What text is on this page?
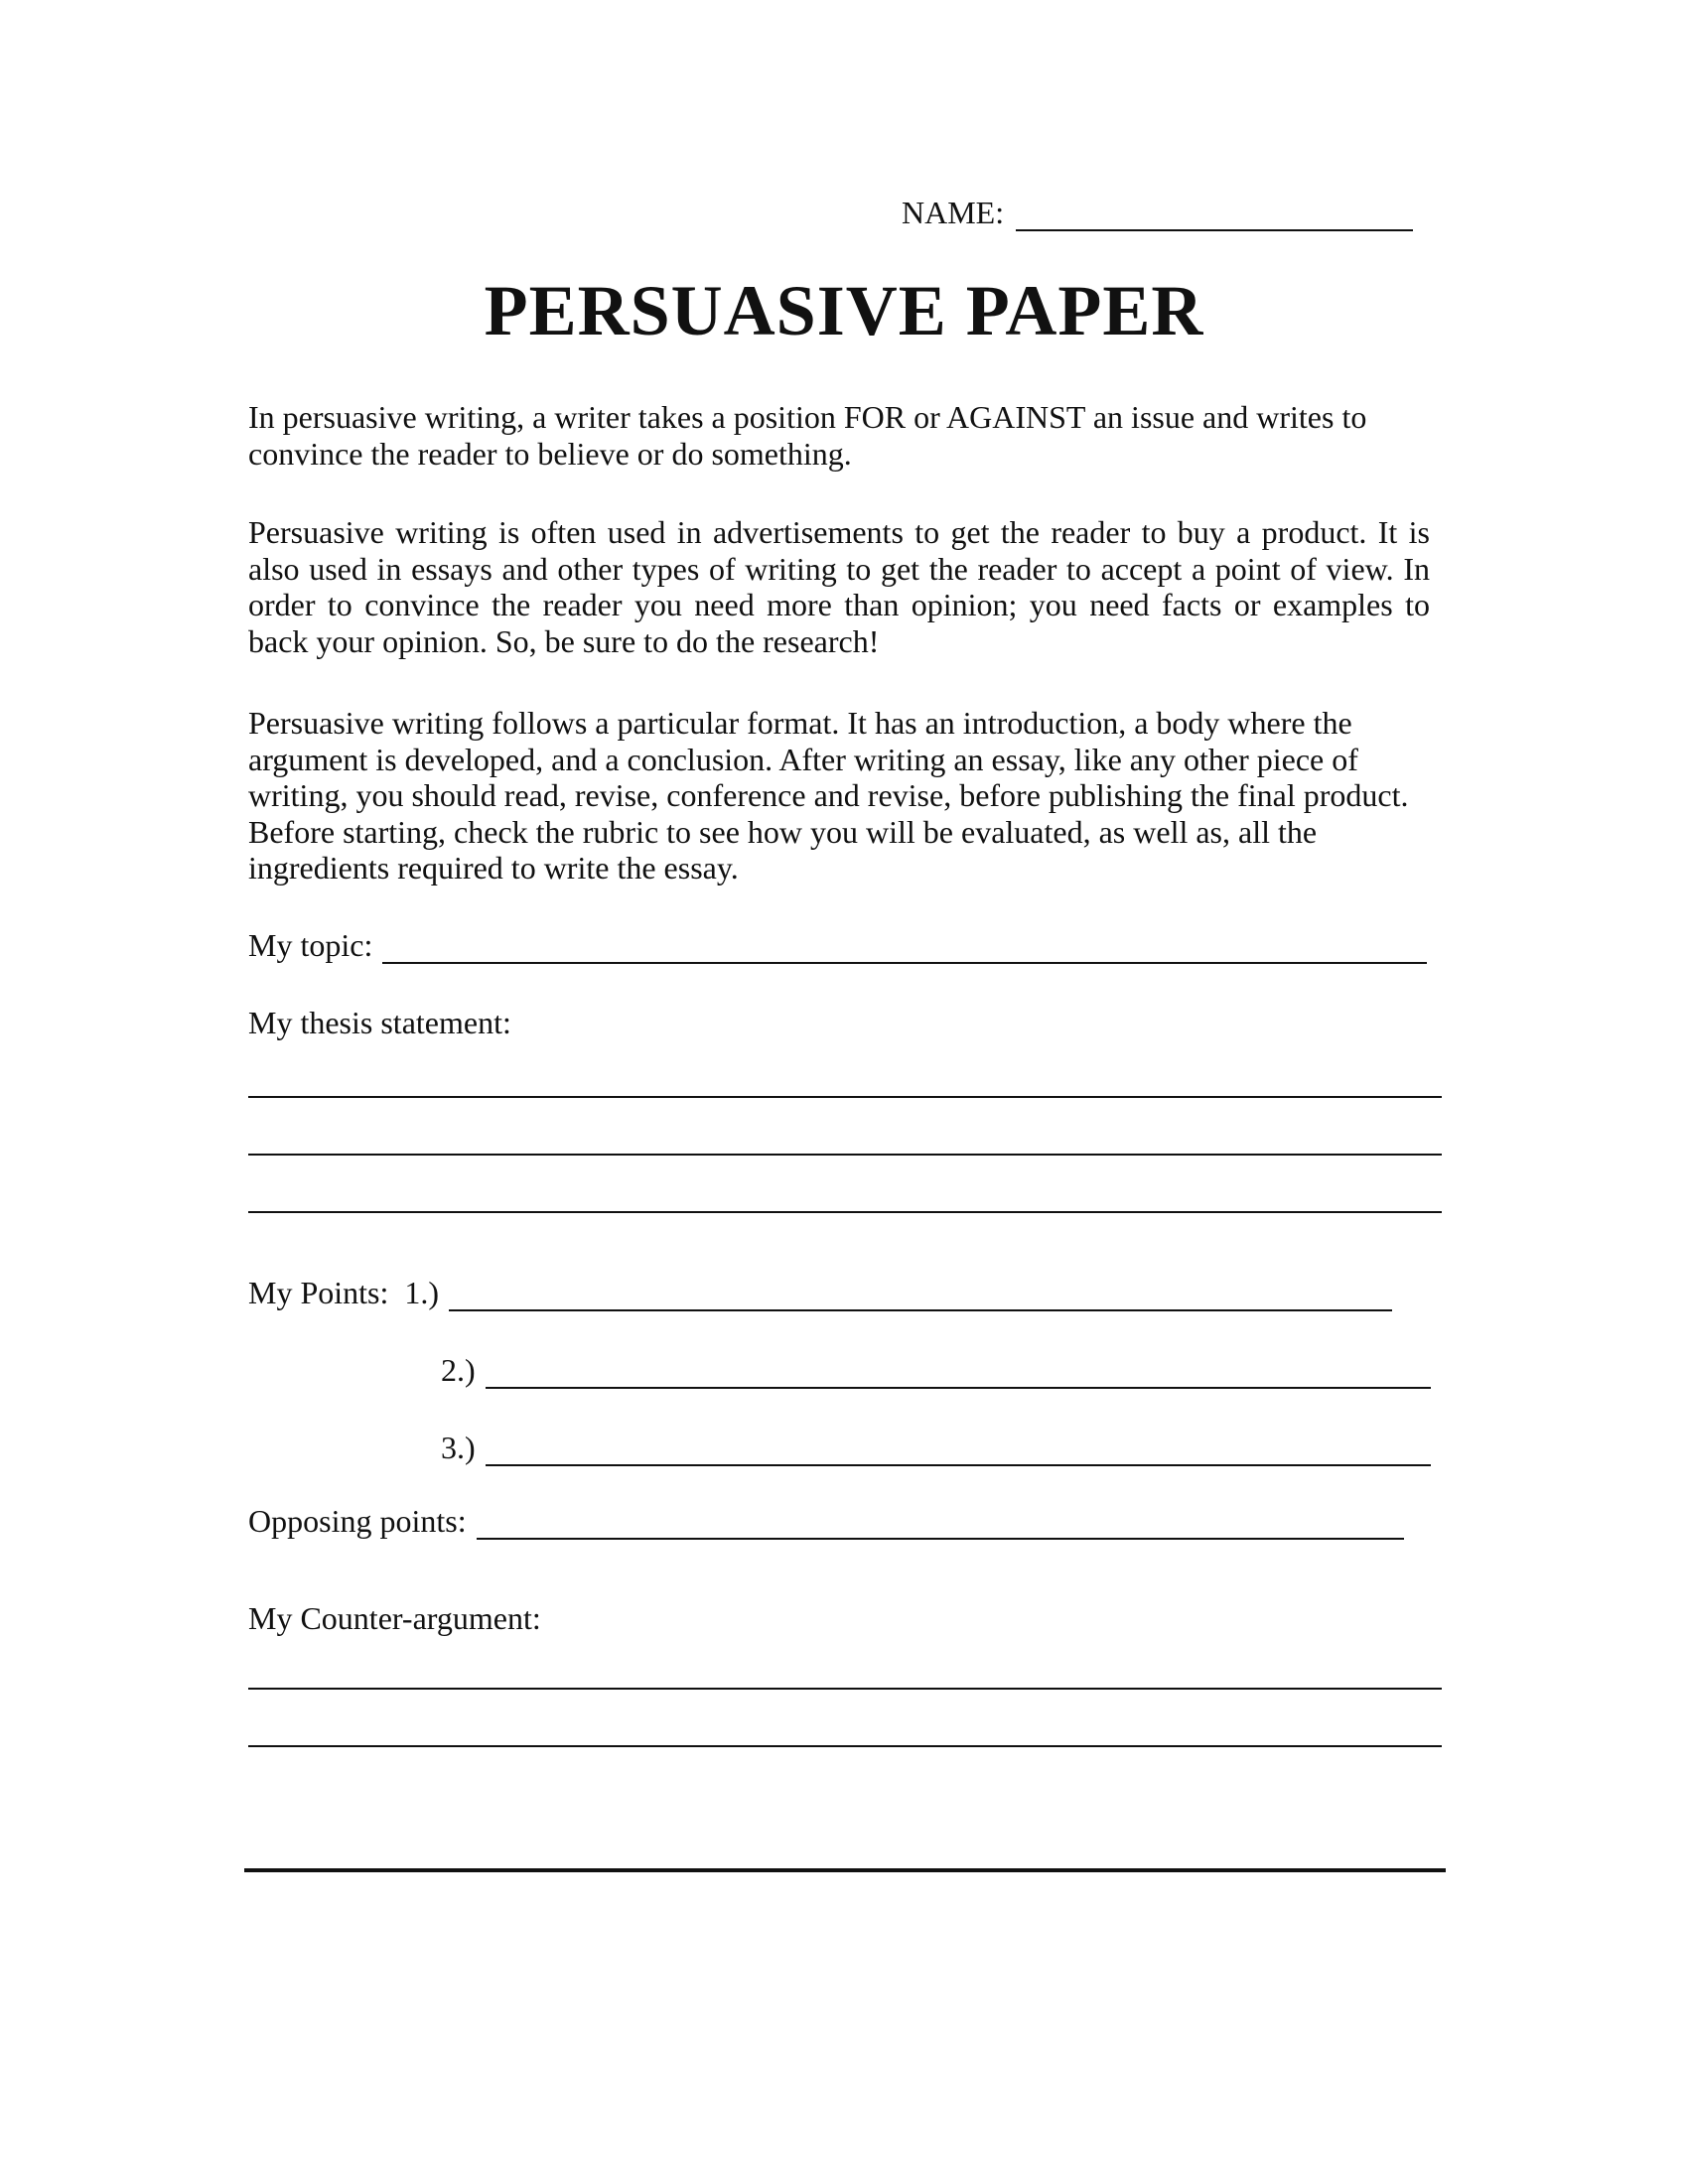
NAME:
PERSUASIVE PAPER

In persuasive writing, a writer takes a position FOR or AGAINST an issue and writes to convince the reader to believe or do something.

Persuasive writing is often used in advertisements to get the reader to buy a product. It is also used in essays and other types of writing to get the reader to accept a point of view. In order to convince the reader you need more than opinion; you need facts or examples to back your opinion. So, be sure to do the research!

Persuasive writing follows a particular format. It has an introduction, a body where the argument is developed, and a conclusion. After writing an essay, like any other piece of writing, you should read, revise, conference and revise, before publishing the final product. Before starting, check the rubric to see how you will be evaluated, as well as, all the ingredients required to write the essay.

My topic:
My thesis statement:
My Points: 1.)
2.)
3.)
Opposing points:
My Counter-argument:
